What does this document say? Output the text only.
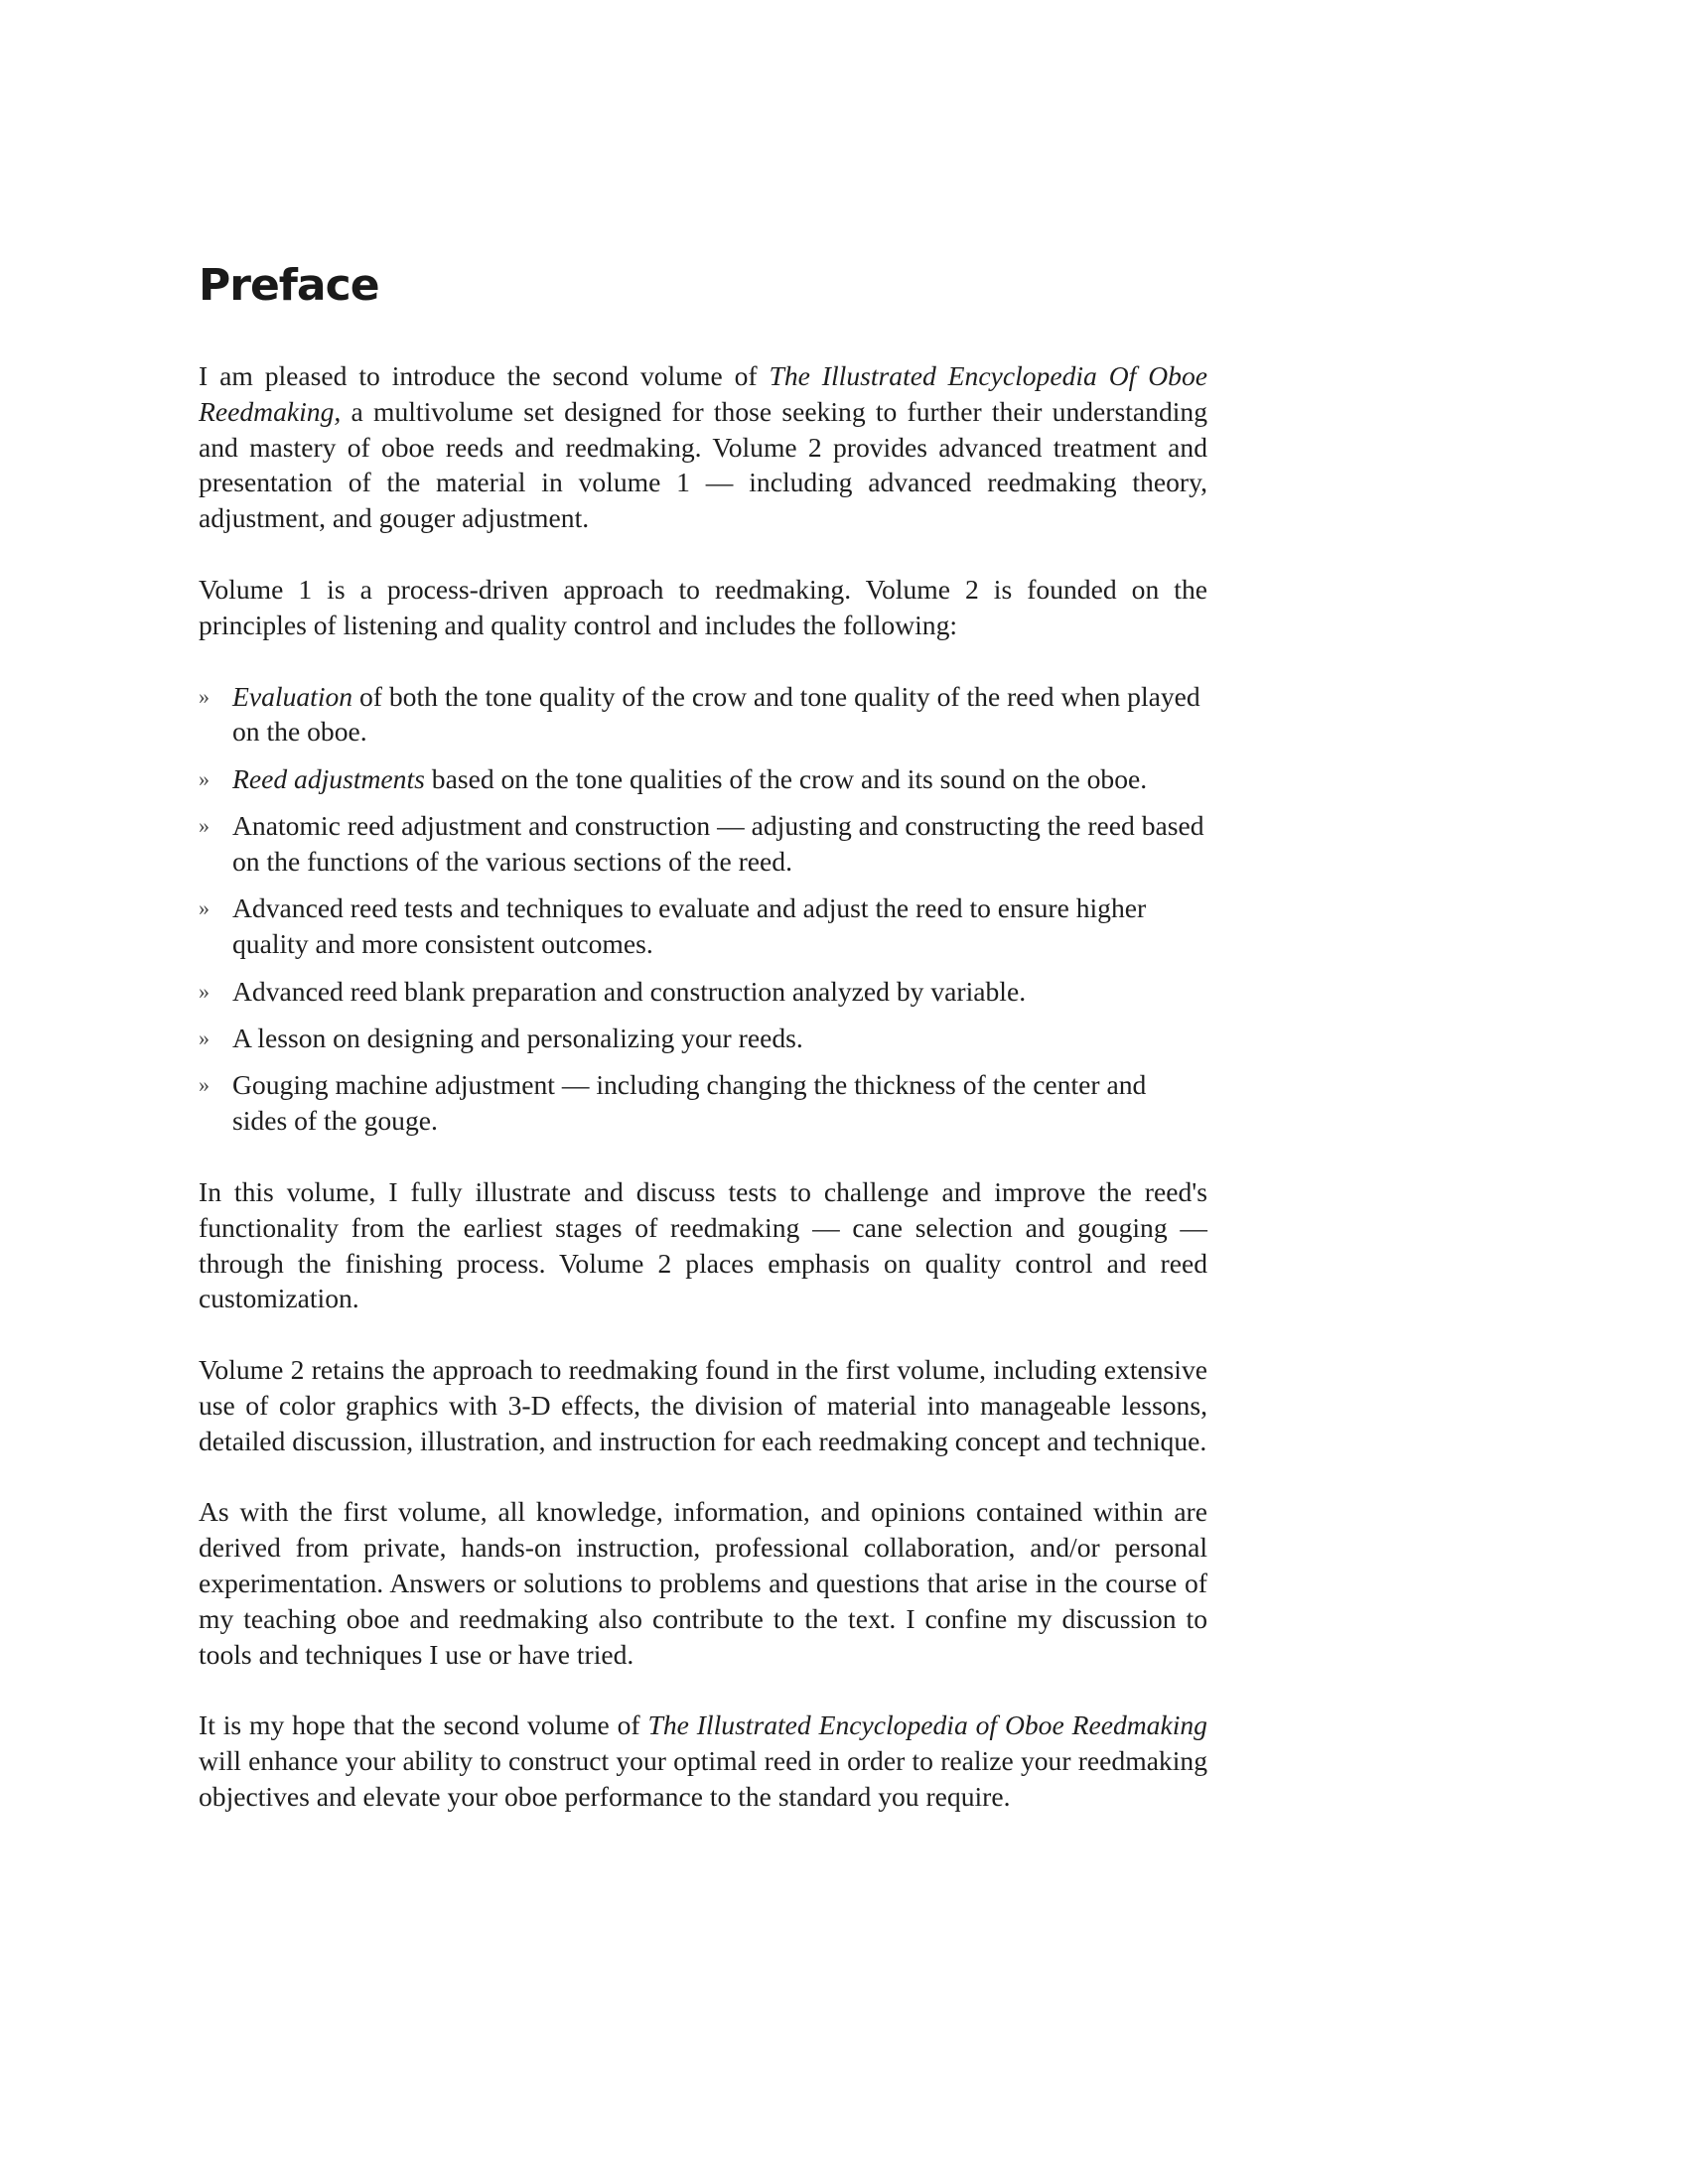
Preface

I am pleased to introduce the second volume of The Illustrated Encyclopedia Of Oboe Reedmaking, a multivolume set designed for those seeking to further their understanding and mastery of oboe reeds and reedmaking. Volume 2 provides advanced treatment and presentation of the material in volume 1 — including advanced reedmaking theory, adjustment, and gouger adjustment.

Volume 1 is a process-driven approach to reedmaking. Volume 2 is founded on the principles of listening and quality control and includes the following:

» Evaluation of both the tone quality of the crow and tone quality of the reed when played on the oboe.
» Reed adjustments based on the tone qualities of the crow and its sound on the oboe.
» Anatomic reed adjustment and construction — adjusting and constructing the reed based on the functions of the various sections of the reed.
» Advanced reed tests and techniques to evaluate and adjust the reed to ensure higher quality and more consistent outcomes.
» Advanced reed blank preparation and construction analyzed by variable.
» A lesson on designing and personalizing your reeds.
» Gouging machine adjustment — including changing the thickness of the center and sides of the gouge.

In this volume, I fully illustrate and discuss tests to challenge and improve the reed's functionality from the earliest stages of reedmaking — cane selection and gouging — through the finishing process. Volume 2 places emphasis on quality control and reed customization.

Volume 2 retains the approach to reedmaking found in the first volume, including extensive use of color graphics with 3-D effects, the division of material into manageable lessons, detailed discussion, illustration, and instruction for each reedmaking concept and technique.

As with the first volume, all knowledge, information, and opinions contained within are derived from private, hands-on instruction, professional collaboration, and/or personal experimentation. Answers or solutions to problems and questions that arise in the course of my teaching oboe and reedmaking also contribute to the text. I confine my discussion to tools and techniques I use or have tried.

It is my hope that the second volume of The Illustrated Encyclopedia of Oboe Reedmaking will enhance your ability to construct your optimal reed in order to realize your reedmaking objectives and elevate your oboe performance to the standard you require.
